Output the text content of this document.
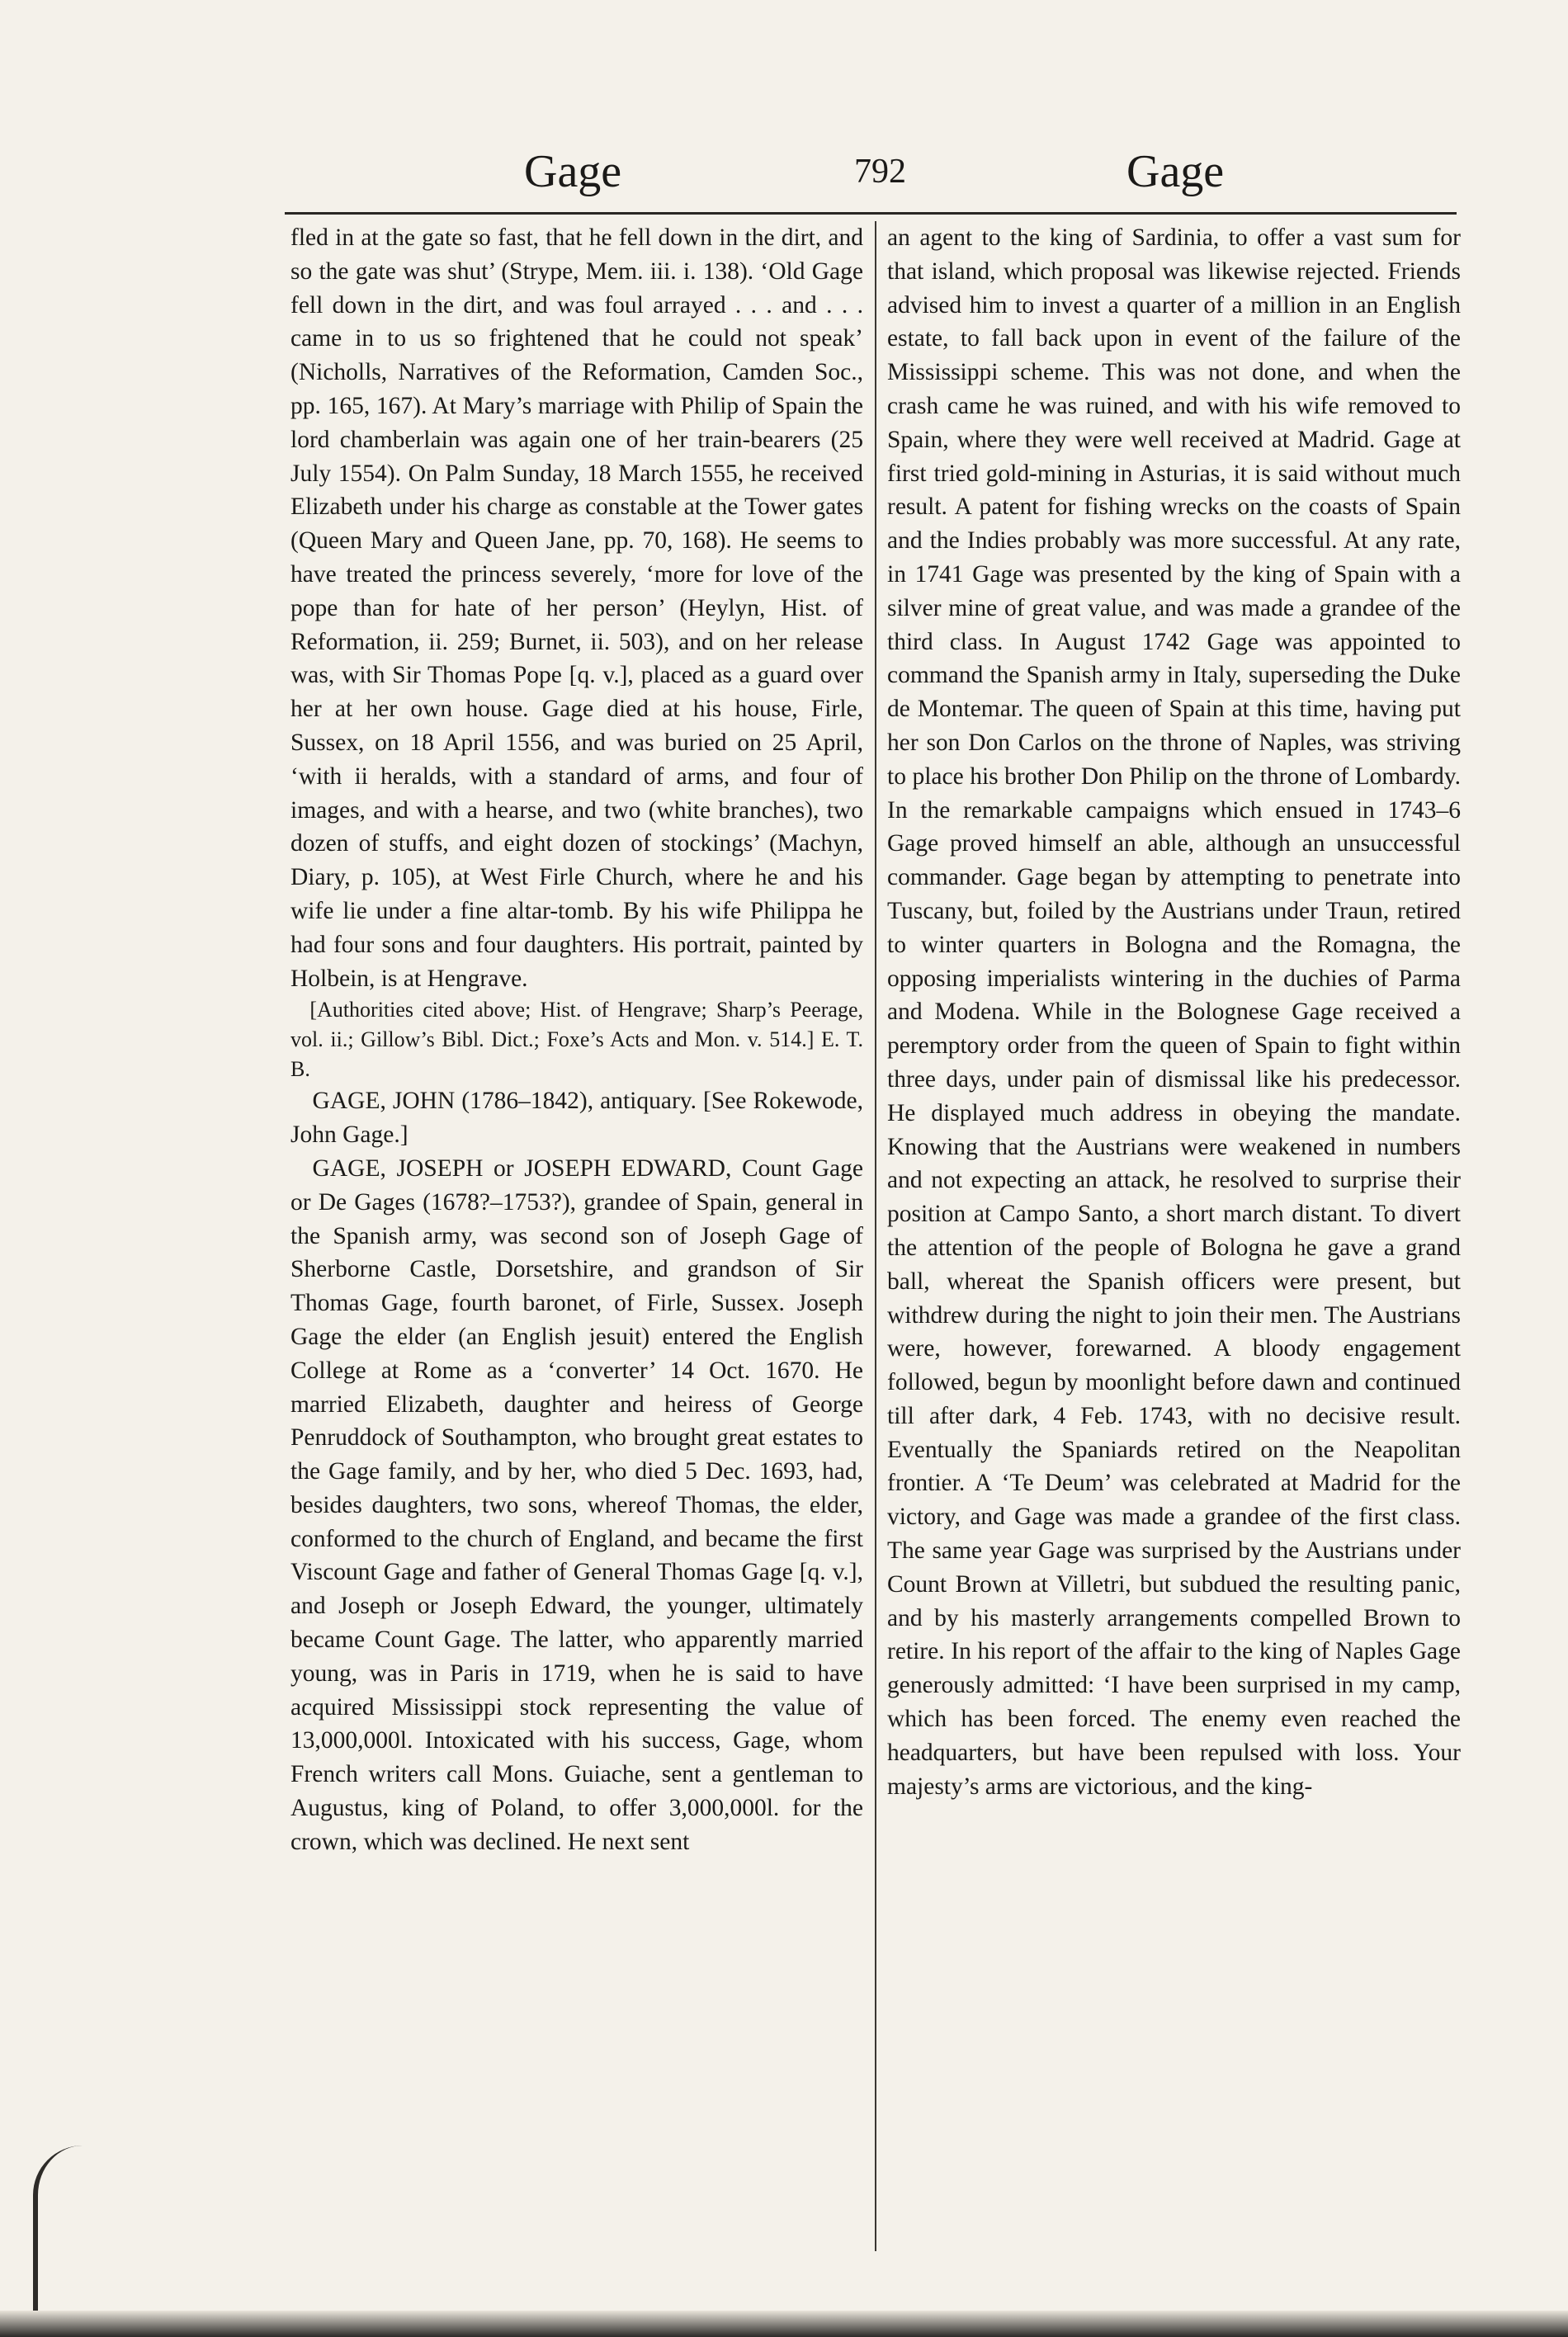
Gage	792	Gage

fled in at the gate so fast, that he fell down in the dirt, and so the gate was shut’ (Strype, Mem. iii. i. 138). ‘Old Gage fell down in the dirt, and was foul arrayed . . . and . . . came in to us so frightened that he could not speak’ (Nicholls, Narratives of the Reformation, Camden Soc., pp. 165, 167). At Mary’s marriage with Philip of Spain the lord chamberlain was again one of her train-bearers (25 July 1554). On Palm Sunday, 18 March 1555, he received Elizabeth under his charge as constable at the Tower gates (Queen Mary and Queen Jane, pp. 70, 168). He seems to have treated the princess severely, ‘more for love of the pope than for hate of her person’ (Heylyn, Hist. of Reformation, ii. 259; Burnet, ii. 503), and on her release was, with Sir Thomas Pope [q. v.], placed as a guard over her at her own house. Gage died at his house, Firle, Sussex, on 18 April 1556, and was buried on 25 April, ‘with ii heralds, with a standard of arms, and four of images, and with a hearse, and two (white branches), two dozen of stuffs, and eight dozen of stockings’ (Machyn, Diary, p. 105), at West Firle Church, where he and his wife lie under a fine altar-tomb. By his wife Philippa he had four sons and four daughters. His portrait, painted by Holbein, is at Hengrave.

[Authorities cited above; Hist. of Hengrave; Sharp’s Peerage, vol. ii.; Gillow’s Bibl. Dict.; Foxe’s Acts and Mon. v. 514.] E. T. B.

GAGE, JOHN (1786–1842), antiquary. [See Rokewode, John Gage.]

GAGE, JOSEPH or JOSEPH EDWARD, Count Gage or De Gages (1678?–1753?), grandee of Spain, general in the Spanish army, was second son of Joseph Gage of Sherborne Castle, Dorsetshire, and grandson of Sir Thomas Gage, fourth baronet, of Firle, Sussex. Joseph Gage the elder (an English jesuit) entered the English College at Rome as a ‘converter’ 14 Oct. 1670. He married Elizabeth, daughter and heiress of George Penruddock of Southampton, who brought great estates to the Gage family, and by her, who died 5 Dec. 1693, had, besides daughters, two sons, whereof Thomas, the elder, conformed to the church of England, and became the first Viscount Gage and father of General Thomas Gage [q. v.], and Joseph or Joseph Edward, the younger, ultimately became Count Gage. The latter, who apparently married young, was in Paris in 1719, when he is said to have acquired Mississippi stock representing the value of 13,000,000l. Intoxicated with his success, Gage, whom French writers call Mons. Guiache, sent a gentleman to Augustus, king of Poland, to offer 3,000,000l. for the crown, which was declined. He next sent

an agent to the king of Sardinia, to offer a vast sum for that island, which proposal was likewise rejected. Friends advised him to invest a quarter of a million in an English estate, to fall back upon in event of the failure of the Mississippi scheme. This was not done, and when the crash came he was ruined, and with his wife removed to Spain, where they were well received at Madrid. Gage at first tried gold-mining in Asturias, it is said without much result. A patent for fishing wrecks on the coasts of Spain and the Indies probably was more successful. At any rate, in 1741 Gage was presented by the king of Spain with a silver mine of great value, and was made a grandee of the third class. In August 1742 Gage was appointed to command the Spanish army in Italy, superseding the Duke de Montemar. The queen of Spain at this time, having put her son Don Carlos on the throne of Naples, was striving to place his brother Don Philip on the throne of Lombardy. In the remarkable campaigns which ensued in 1743–6 Gage proved himself an able, although an unsuccessful commander. Gage began by attempting to penetrate into Tuscany, but, foiled by the Austrians under Traun, retired to winter quarters in Bologna and the Romagna, the opposing imperialists wintering in the duchies of Parma and Modena. While in the Bolognese Gage received a peremptory order from the queen of Spain to fight within three days, under pain of dismissal like his predecessor. He displayed much address in obeying the mandate. Knowing that the Austrians were weakened in numbers and not expecting an attack, he resolved to surprise their position at Campo Santo, a short march distant. To divert the attention of the people of Bologna he gave a grand ball, whereat the Spanish officers were present, but withdrew during the night to join their men. The Austrians were, however, forewarned. A bloody engagement followed, begun by moonlight before dawn and continued till after dark, 4 Feb. 1743, with no decisive result. Eventually the Spaniards retired on the Neapolitan frontier. A ‘Te Deum’ was celebrated at Madrid for the victory, and Gage was made a grandee of the first class. The same year Gage was surprised by the Austrians under Count Brown at Villetri, but subdued the resulting panic, and by his masterly arrangements compelled Brown to retire. In his report of the affair to the king of Naples Gage generously admitted: ‘I have been surprised in my camp, which has been forced. The enemy even reached the headquarters, but have been repulsed with loss. Your majesty’s arms are victorious, and the king-
